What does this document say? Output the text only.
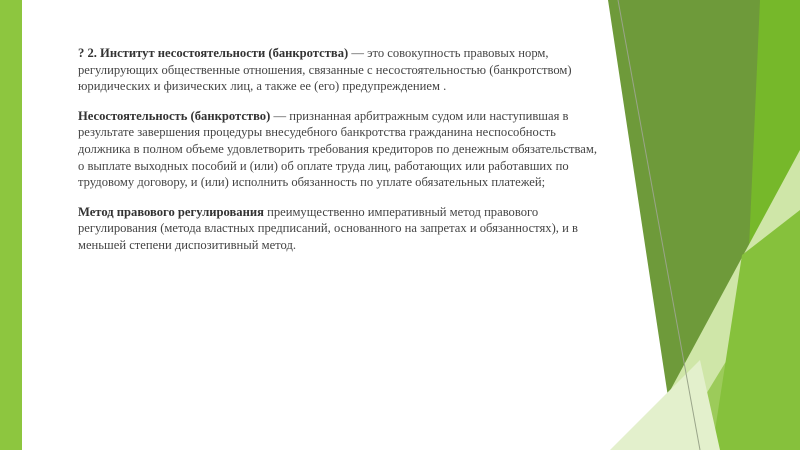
? 2. Институт несостоятельности (банкротства) — это совокупность правовых норм, регулирующих общественные отношения, связанные с несостоятельностью (банкротством) юридических и физических лиц, а также ее (его) предупреждением .

Несостоятельность (банкротство) — признанная арбитражным судом или наступившая в результате завершения процедуры внесудебного банкротства гражданина неспособность должника в полном объеме удовлетворить требования кредиторов по денежным обязательствам, о выплате выходных пособий и (или) об оплате труда лиц, работающих или работавших по трудовому договору, и (или) исполнить обязанность по уплате обязательных платежей;

Метод правового регулирования преимущественно императивный метод правового регулирования (метода властных предписаний, основанного на запретах и обязанностях), и в меньшей степени диспозитивный метод.
